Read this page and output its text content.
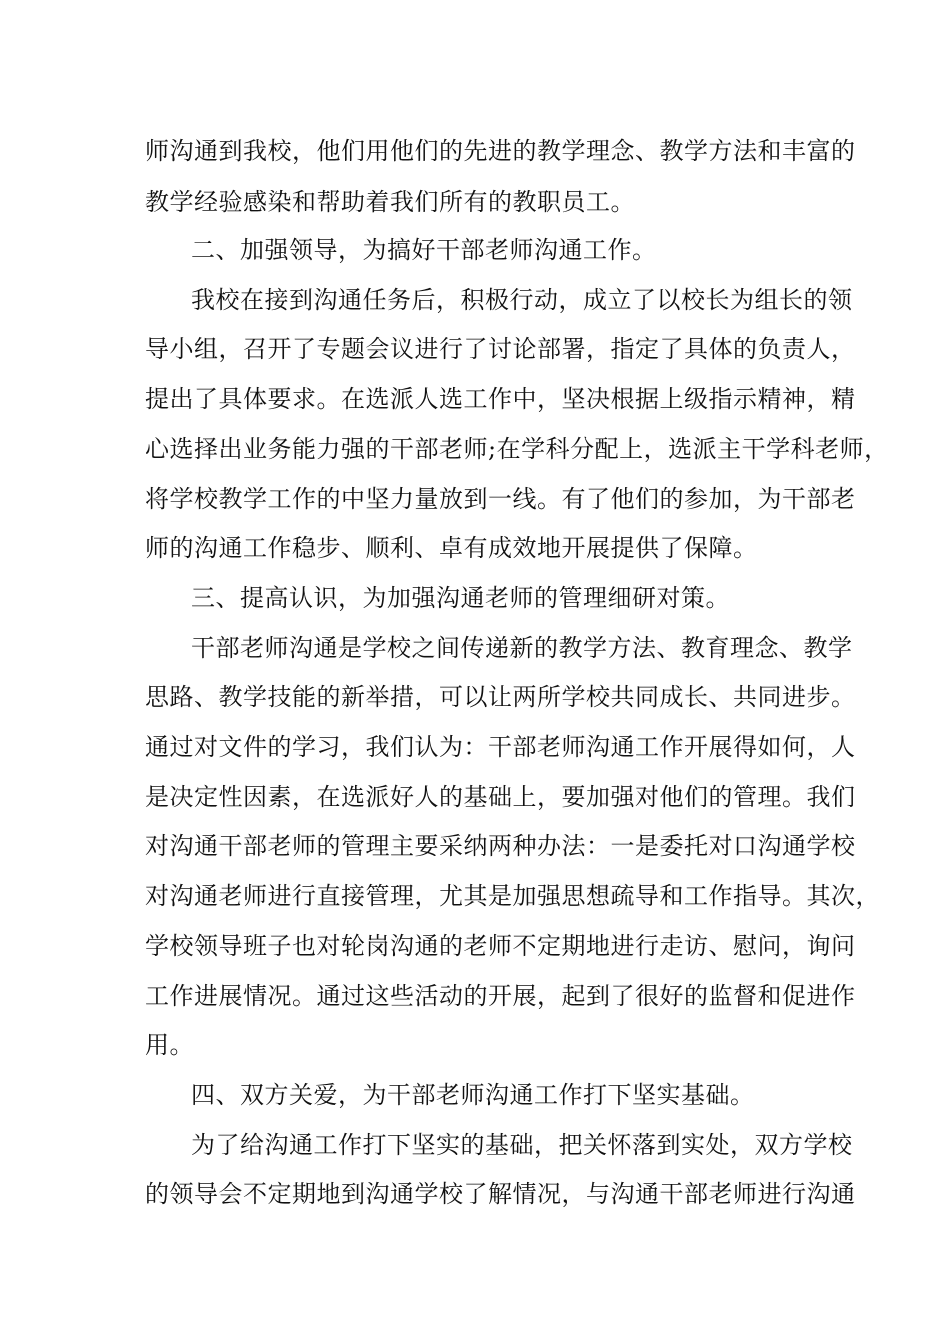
师沟通到我校，他们用他们的先进的教学理念、教学方法和丰富的
教学经验感染和帮助着我们所有的教职员工。
二、加强领导，为搞好干部老师沟通工作。
我校在接到沟通任务后，积极行动，成立了以校长为组长的领
导小组，召开了专题会议进行了讨论部署，指定了具体的负责人，
提出了具体要求。在选派人选工作中，坚决根据上级指示精神，精
心选择出业务能力强的干部老师;在学科分配上，选派主干学科老师，
将学校教学工作的中坚力量放到一线。有了他们的参加，为干部老
师的沟通工作稳步、顺利、卓有成效地开展提供了保障。
三、提高认识，为加强沟通老师的管理细研对策。
干部老师沟通是学校之间传递新的教学方法、教育理念、教学
思路、教学技能的新举措，可以让两所学校共同成长、共同进步。
通过对文件的学习，我们认为：干部老师沟通工作开展得如何，人
是决定性因素，在选派好人的基础上，要加强对他们的管理。我们
对沟通干部老师的管理主要采纳两种办法：一是委托对口沟通学校
对沟通老师进行直接管理，尤其是加强思想疏导和工作指导。其次，
学校领导班子也对轮岗沟通的老师不定期地进行走访、慰问，询问
工作进展情况。通过这些活动的开展，起到了很好的监督和促进作
用。
四、双方关爱，为干部老师沟通工作打下坚实基础。
为了给沟通工作打下坚实的基础，把关怀落到实处，双方学校
的领导会不定期地到沟通学校了解情况，与沟通干部老师进行沟通
